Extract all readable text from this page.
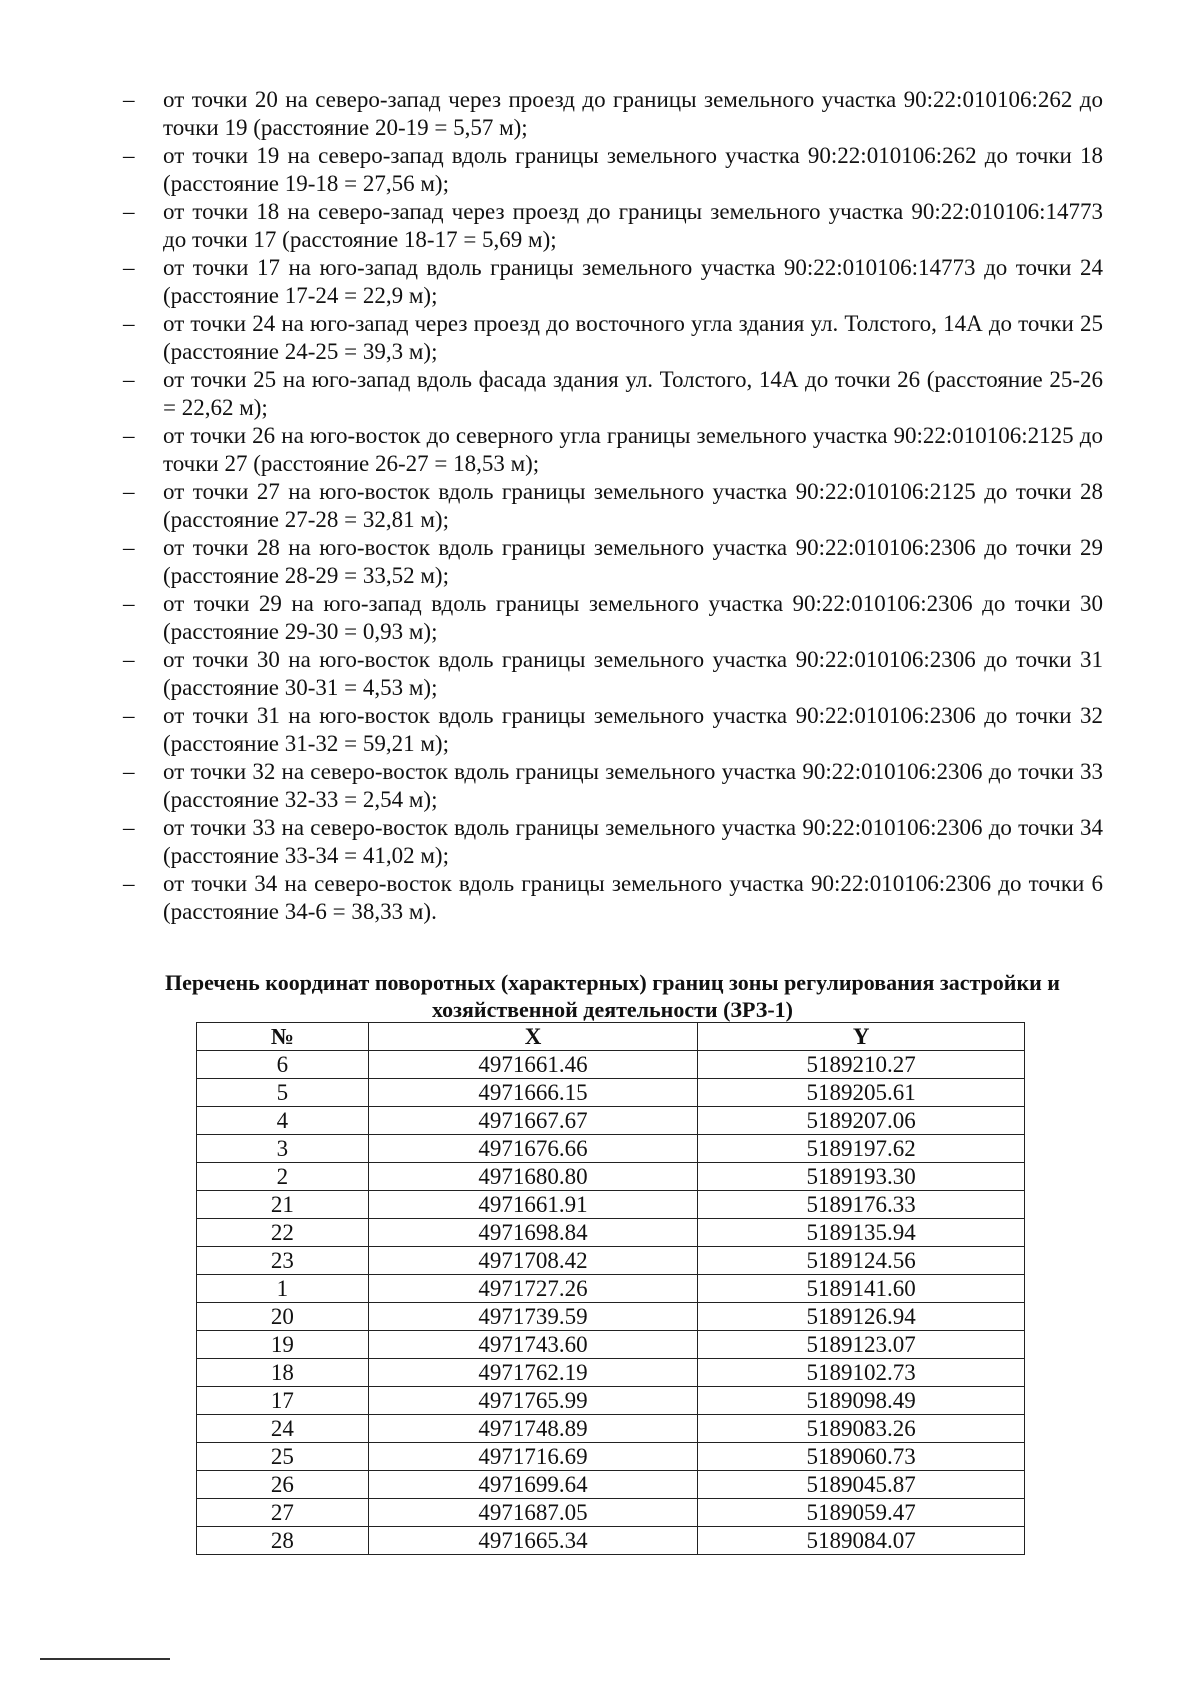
– от точки 20 на северо-запад через проезд до границы земельного участка 90:22:010106:262 до точки 19 (расстояние 20-19 = 5,57 м);
– от точки 19 на северо-запад вдоль границы земельного участка 90:22:010106:262 до точки 18 (расстояние 19-18 = 27,56 м);
– от точки 18 на северо-запад через проезд до границы земельного участка 90:22:010106:14773 до точки 17 (расстояние 18-17 = 5,69 м);
– от точки 17 на юго-запад вдоль границы земельного участка 90:22:010106:14773 до точки 24 (расстояние 17-24 = 22,9 м);
– от точки 24 на юго-запад через проезд до восточного угла здания ул. Толстого, 14А до точки 25 (расстояние 24-25 = 39,3 м);
– от точки 25 на юго-запад вдоль фасада здания ул. Толстого, 14А до точки 26 (расстояние 25-26 = 22,62 м);
– от точки 26 на юго-восток до северного угла границы земельного участка 90:22:010106:2125 до точки 27 (расстояние 26-27 = 18,53 м);
– от точки 27 на юго-восток вдоль границы земельного участка 90:22:010106:2125 до точки 28 (расстояние 27-28 = 32,81 м);
– от точки 28 на юго-восток вдоль границы земельного участка 90:22:010106:2306 до точки 29 (расстояние 28-29 = 33,52 м);
– от точки 29 на юго-запад вдоль границы земельного участка 90:22:010106:2306 до точки 30 (расстояние 29-30 = 0,93 м);
– от точки 30 на юго-восток вдоль границы земельного участка 90:22:010106:2306 до точки 31 (расстояние 30-31 = 4,53 м);
– от точки 31 на юго-восток вдоль границы земельного участка 90:22:010106:2306 до точки 32 (расстояние 31-32 = 59,21 м);
– от точки 32 на северо-восток вдоль границы земельного участка 90:22:010106:2306 до точки 33 (расстояние 32-33 = 2,54 м);
– от точки 33 на северо-восток вдоль границы земельного участка 90:22:010106:2306 до точки 34 (расстояние 33-34 = 41,02 м);
– от точки 34 на северо-восток вдоль границы земельного участка 90:22:010106:2306 до точки 6 (расстояние 34-6 = 38,33 м).
Перечень координат поворотных (характерных) границ зоны регулирования застройки и хозяйственной деятельности (ЗРЗ-1)
№	X	Y
6	4971661.46	5189210.27
5	4971666.15	5189205.61
4	4971667.67	5189207.06
3	4971676.66	5189197.62
2	4971680.80	5189193.30
21	4971661.91	5189176.33
22	4971698.84	5189135.94
23	4971708.42	5189124.56
1	4971727.26	5189141.60
20	4971739.59	5189126.94
19	4971743.60	5189123.07
18	4971762.19	5189102.73
17	4971765.99	5189098.49
24	4971748.89	5189083.26
25	4971716.69	5189060.73
26	4971699.64	5189045.87
27	4971687.05	5189059.47
28	4971665.34	5189084.07
